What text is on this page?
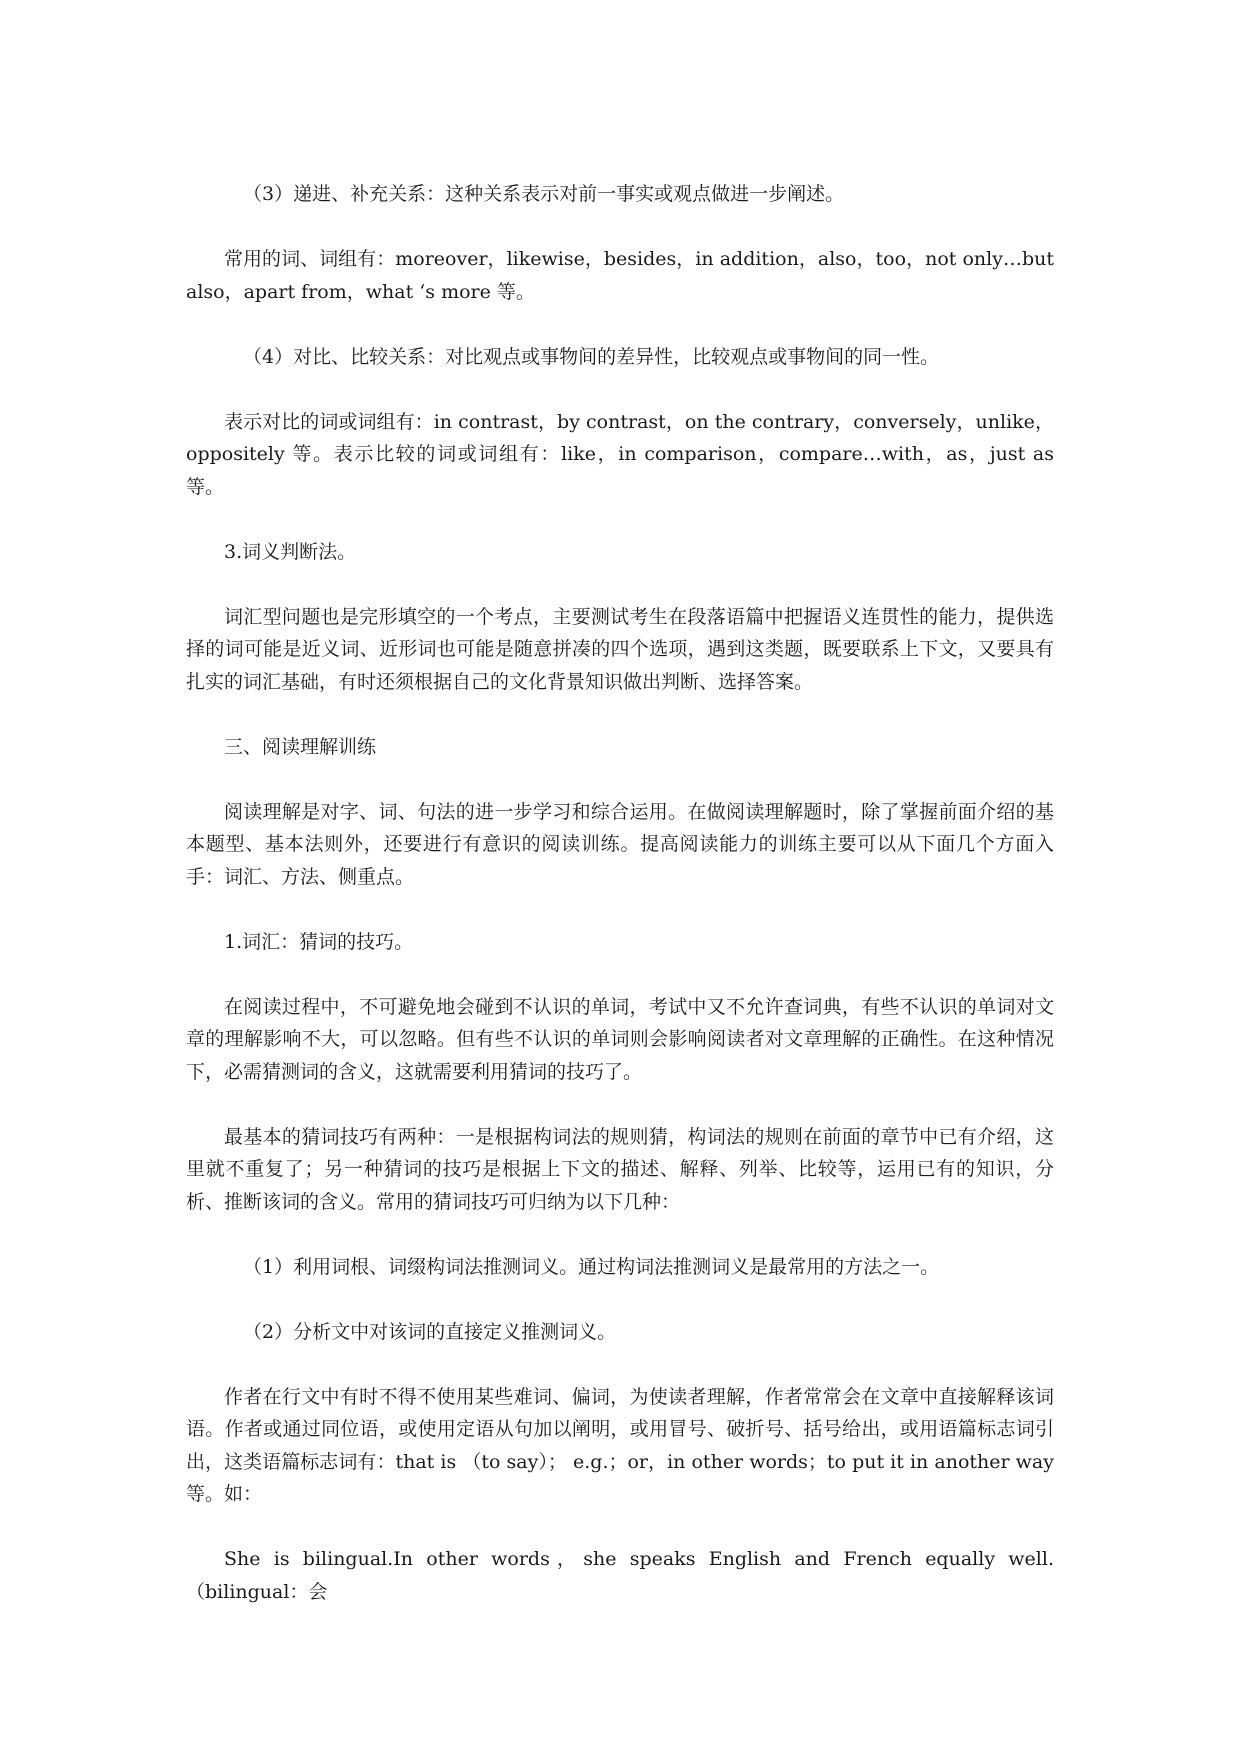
（3）递进、补充关系：这种关系表示对前一事实或观点做进一步阐述。

常用的词、词组有：moreover，likewise，besides，in addition，also，too，not only…but also，apart from，what ‘s more 等。

（4）对比、比较关系：对比观点或事物间的差异性，比较观点或事物间的同一性。

表示对比的词或词组有：in contrast，by contrast，on the contrary，conversely，unlike，oppositely 等。表示比较的词或词组有：like，in comparison，compare…with，as，just as 等。

3.词义判断法。

词汇型问题也是完形填空的一个考点，主要测试考生在段落语篇中把握语义连贯性的能力，提供选择的词可能是近义词、近形词也可能是随意拼凑的四个选项，遇到这类题，既要联系上下文，又要具有扎实的词汇基础，有时还须根据自己的文化背景知识做出判断、选择答案。

三、阅读理解训练

阅读理解是对字、词、句法的进一步学习和综合运用。在做阅读理解题时，除了掌握前面介绍的基本题型、基本法则外，还要进行有意识的阅读训练。提高阅读能力的训练主要可以从下面几个方面入手：词汇、方法、侧重点。

1.词汇：猜词的技巧。

在阅读过程中，不可避免地会碰到不认识的单词，考试中又不允许查词典，有些不认识的单词对文章的理解影响不大，可以忽略。但有些不认识的单词则会影响阅读者对文章理解的正确性。在这种情况下，必需猜测词的含义，这就需要利用猜词的技巧了。

最基本的猜词技巧有两种：一是根据构词法的规则猜，构词法的规则在前面的章节中已有介绍，这里就不重复了；另一种猜词的技巧是根据上下文的描述、解释、列举、比较等，运用已有的知识，分析、推断该词的含义。常用的猜词技巧可归纳为以下几种：

（1）利用词根、词缀构词法推测词义。通过构词法推测词义是最常用的方法之一。

（2）分析文中对该词的直接定义推测词义。

作者在行文中有时不得不使用某些难词、偏词，为使读者理解，作者常常会在文章中直接解释该词语。作者或通过同位语，或使用定语从句加以阐明，或用冒号、破折号、括号给出，或用语篇标志词引出，这类语篇标志词有：that is （to say）； e.g.；or，in other words；to put it in another way 等。如：

She is bilingual.In other words，she speaks English and French equally well.（bilingual：会
